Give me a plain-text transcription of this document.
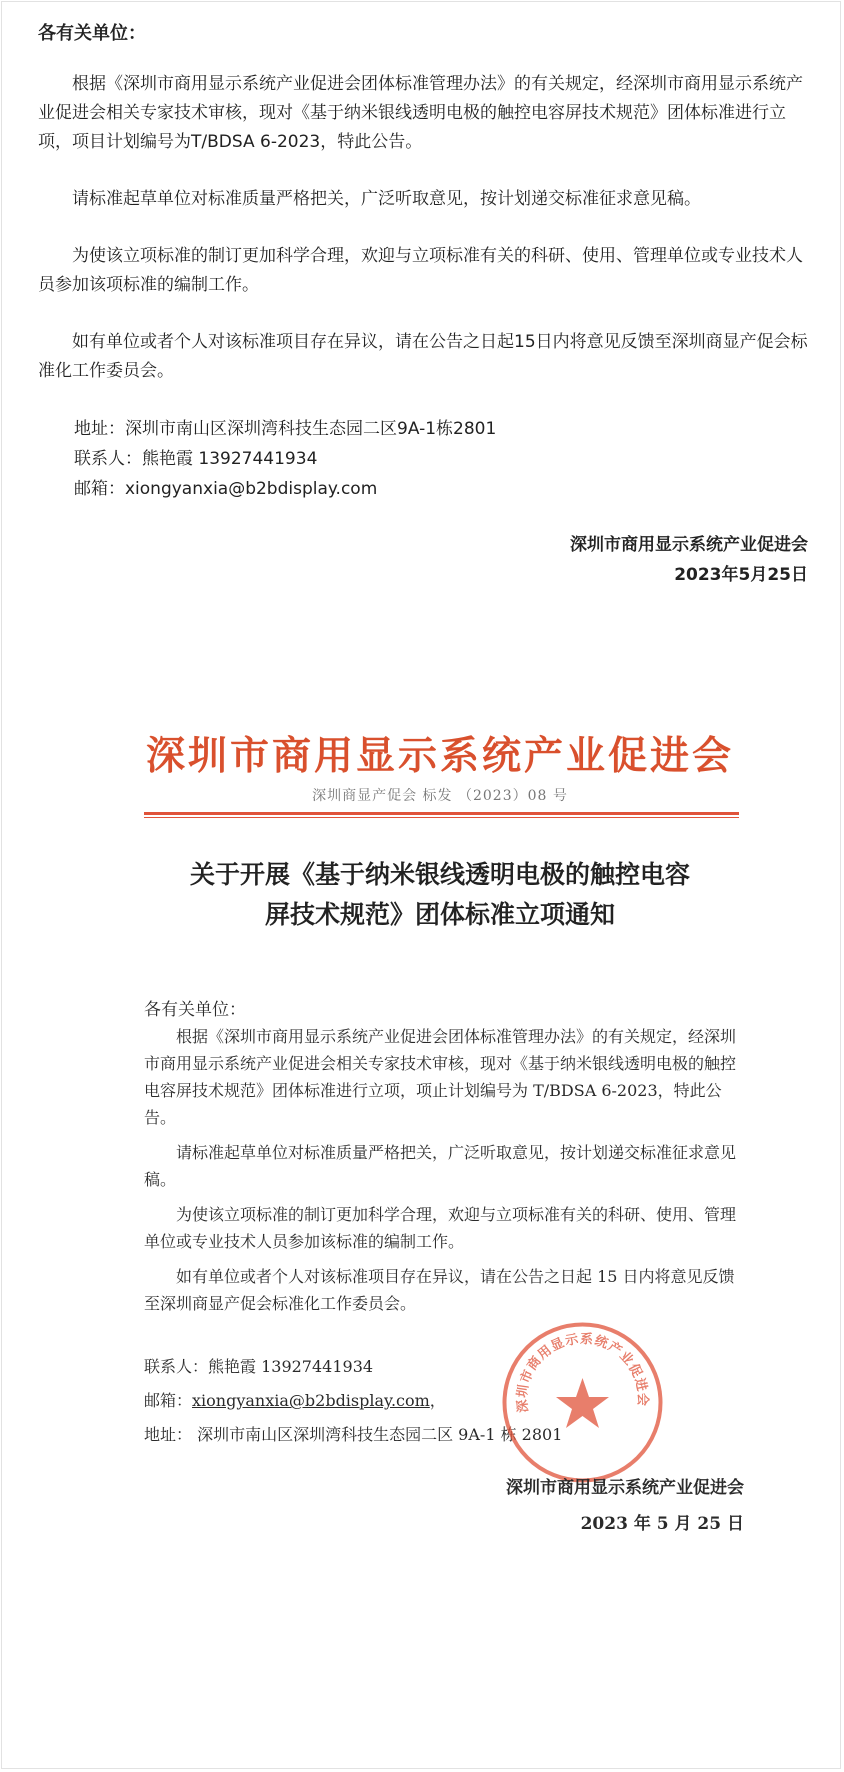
各有关单位：

根据《深圳市商用显示系统产业促进会团体标准管理办法》的有关规定，经深圳市商用显示系统产业促进会相关专家技术审核，现对《基于纳米银线透明电极的触控电容屏技术规范》团体标准进行立项，项目计划编号为T/BDSA 6-2023，特此公告。

请标准起草单位对标准质量严格把关，广泛听取意见，按计划递交标准征求意见稿。

为使该立项标准的制订更加科学合理，欢迎与立项标准有关的科研、使用、管理单位或专业技术人员参加该项标准的编制工作。

如有单位或者个人对该标准项目存在异议，请在公告之日起15日内将意见反馈至深圳商显产促会标准化工作委员会。

地址：深圳市南山区深圳湾科技生态园二区9A-1栋2801

联系人：熊艳霞 13927441934

邮箱：xiongyanxia@b2bdisplay.com

深圳市商用显示系统产业促进会

2023年5月25日

深圳市商用显示系统产业促进会
深圳商显产促会 标发 （2023）08 号
关于开展《基于纳米银线透明电极的触控电容
屏技术规范》团体标准立项通知
各有关单位：

根据《深圳市商用显示系统产业促进会团体标准管理办法》的有关规定，经深圳市商用显示系统产业促进会相关专家技术审核，现对《基于纳米银线透明电极的触控电容屏技术规范》团体标准进行立项，项止计划编号为 T/BDSA 6-2023，特此公告。

请标准起草单位对标准质量严格把关，广泛听取意见，按计划递交标准征求意见稿。

为使该立项标准的制订更加科学合理，欢迎与立项标准有关的科研、使用、管理单位或专业技术人员参加该标准的编制工作。

如有单位或者个人对该标准项目存在异议，请在公告之日起 15 日内将意见反馈至深圳商显产促会标准化工作委员会。

联系人：熊艳霞 13927441934
邮箱：xiongyanxia@b2bdisplay.com，
地址： 深圳市南山区深圳湾科技生态园二区 9A-1 栋 2801
深圳市商用显示系统产业促进会
深圳市商用显示系统产业促进会
2023 年 5 月 25 日
